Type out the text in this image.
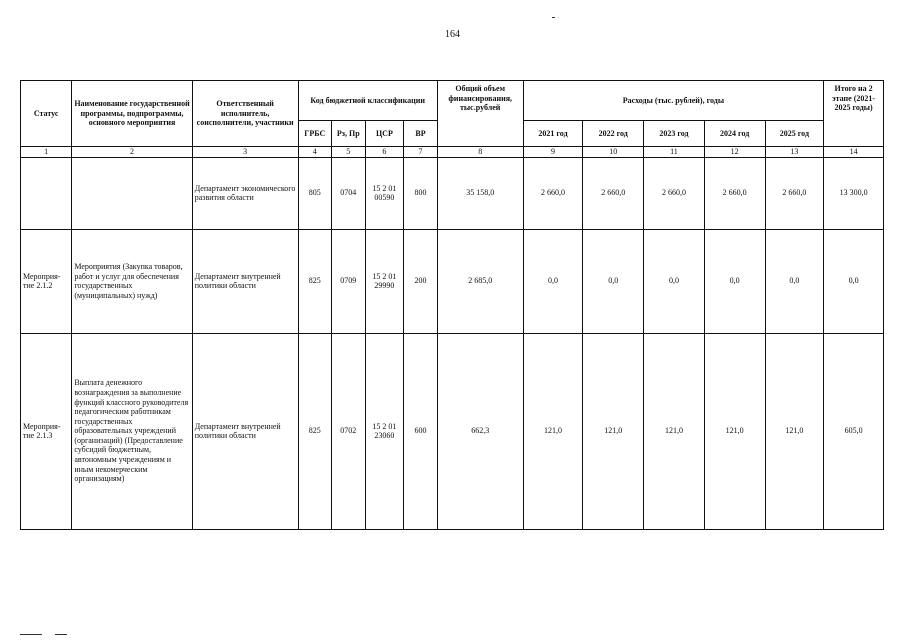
164
Статус	Наименование государственной программы, подпрограммы, основного мероприятия	Ответственный исполнитель, соисполнители, участники	Код бюджетной классификации				Общий объем финансирования, тыс.рублей	Расходы (тыс. рублей), годы					Итого на 2 этапе (2021-2025 годы)
			ГРБС	Рз, Пр	ЦСР	ВР		2021 год	2022 год	2023 год	2024 год	2025 год	
1	2	3	4	5	6	7	8	9	10	11	12	13	14
		Департамент экономического развития области	805	0704	15 2 01 00590	800	35 158,0	2 660,0	2 660,0	2 660,0	2 660,0	2 660,0	13 300,0
Мероприя-тие 2.1.2	Мероприятия (Закупка товаров, работ и услуг для обеспечения государственных (муниципальных) нужд)	Департамент внутренней политики области	825	0709	15 2 01 29990	200	2 685,0	0,0	0,0	0,0	0,0	0,0	0,0
Мероприя-тие 2.1.3	Выплата денежного вознаграждения за выполнение функций классного руководителя педагогическим работникам государственных образовательных учреждений (организаций) (Предоставление субсидий бюджетным, автономным учреждениям и иным некомерческим организациям)	Департамент внутренней политики области	825	0702	15 2 01 23060	600	662,3	121,0	121,0	121,0	121,0	121,0	605,0
